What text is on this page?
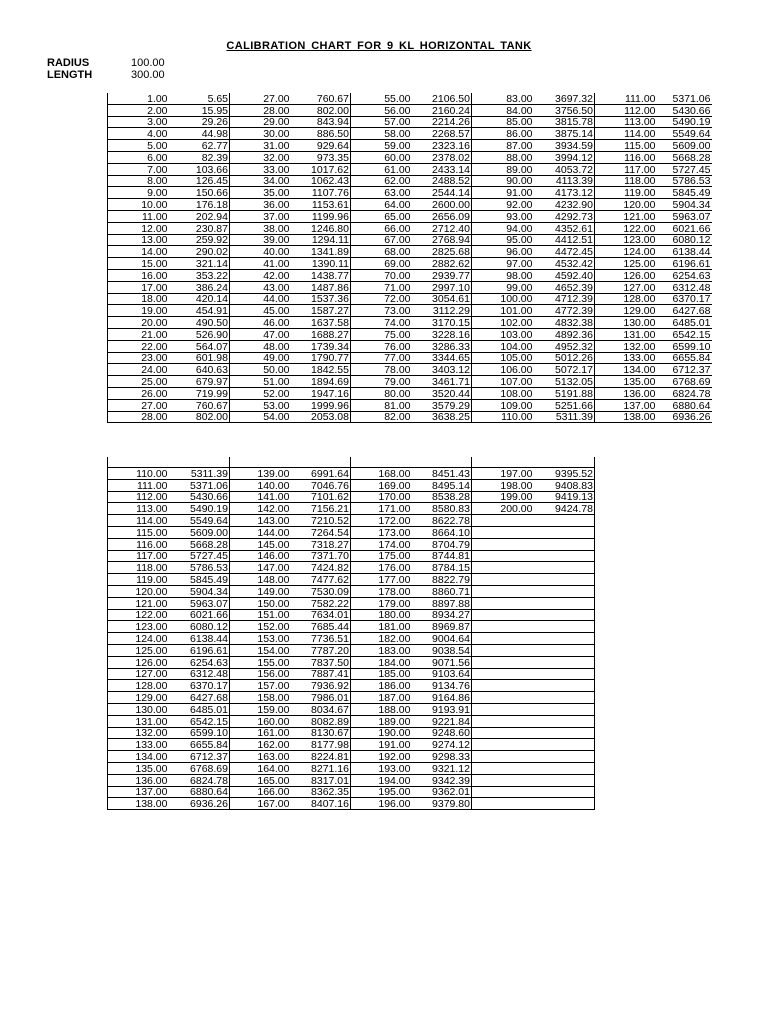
CALIBRATION CHART FOR 9 KL HORIZONTAL TANK
RADIUS	100.00
LENGTH	300.00
1.00	5.65	27.00	760.67	55.00	2106.50	83.00	3697.32	111.00	5371.06
2.00	15.95	28.00	802.00	56.00	2160.24	84.00	3756.50	112.00	5430.66
3.00	29.26	29.00	843.94	57.00	2214.26	85.00	3815.78	113.00	5490.19
4.00	44.98	30.00	886.50	58.00	2268.57	86.00	3875.14	114.00	5549.64
5.00	62.77	31.00	929.64	59.00	2323.16	87.00	3934.59	115.00	5609.00
6.00	82.39	32.00	973.35	60.00	2378.02	88.00	3994.12	116.00	5668.28
7.00	103.66	33.00	1017.62	61.00	2433.14	89.00	4053.72	117.00	5727.45
8.00	126.45	34.00	1062.43	62.00	2488.52	90.00	4113.39	118.00	5786.53
9.00	150.66	35.00	1107.76	63.00	2544.14	91.00	4173.12	119.00	5845.49
10.00	176.18	36.00	1153.61	64.00	2600.00	92.00	4232.90	120.00	5904.34
11.00	202.94	37.00	1199.96	65.00	2656.09	93.00	4292.73	121.00	5963.07
12.00	230.87	38.00	1246.80	66.00	2712.40	94.00	4352.61	122.00	6021.66
13.00	259.92	39.00	1294.11	67.00	2768.94	95.00	4412.51	123.00	6080.12
14.00	290.02	40.00	1341.89	68.00	2825.68	96.00	4472.45	124.00	6138.44
15.00	321.14	41.00	1390.11	69.00	2882.62	97.00	4532.42	125.00	6196.61
16.00	353.22	42.00	1438.77	70.00	2939.77	98.00	4592.40	126.00	6254.63
17.00	386.24	43.00	1487.86	71.00	2997.10	99.00	4652.39	127.00	6312.48
18.00	420.14	44.00	1537.36	72.00	3054.61	100.00	4712.39	128.00	6370.17
19.00	454.91	45.00	1587.27	73.00	3112.29	101.00	4772.39	129.00	6427.68
20.00	490.50	46.00	1637.58	74.00	3170.15	102.00	4832.38	130.00	6485.01
21.00	526.90	47.00	1688.27	75.00	3228.16	103.00	4892.36	131.00	6542.15
22.00	564.07	48.00	1739.34	76.00	3286.33	104.00	4952.32	132.00	6599.10
23.00	601.98	49.00	1790.77	77.00	3344.65	105.00	5012.26	133.00	6655.84
24.00	640.63	50.00	1842.55	78.00	3403.12	106.00	5072.17	134.00	6712.37
25.00	679.97	51.00	1894.69	79.00	3461.71	107.00	5132.05	135.00	6768.69
26.00	719.99	52.00	1947.16	80.00	3520.44	108.00	5191.88	136.00	6824.78
27.00	760.67	53.00	1999.96	81.00	3579.29	109.00	5251.66	137.00	6880.64
28.00	802.00	54.00	2053.08	82.00	3638.25	110.00	5311.39	138.00	6936.26

110.00	5311.39	139.00	6991.64	168.00	8451.43	197.00	9395.52
111.00	5371.06	140.00	7046.76	169.00	8495.14	198.00	9408.83
112.00	5430.66	141.00	7101.62	170.00	8538.28	199.00	9419.13
113.00	5490.19	142.00	7156.21	171.00	8580.83	200.00	9424.78
114.00	5549.64	143.00	7210.52	172.00	8622.78		
115.00	5609.00	144.00	7264.54	173.00	8664.10		
116.00	5668.28	145.00	7318.27	174.00	8704.79		
117.00	5727.45	146.00	7371.70	175.00	8744.81		
118.00	5786.53	147.00	7424.82	176.00	8784.15		
119.00	5845.49	148.00	7477.62	177.00	8822.79		
120.00	5904.34	149.00	7530.09	178.00	8860.71		
121.00	5963.07	150.00	7582.22	179.00	8897.88		
122.00	6021.66	151.00	7634.01	180.00	8934.27		
123.00	6080.12	152.00	7685.44	181.00	8969.87		
124.00	6138.44	153.00	7736.51	182.00	9004.64		
125.00	6196.61	154.00	7787.20	183.00	9038.54		
126.00	6254.63	155.00	7837.50	184.00	9071.56		
127.00	6312.48	156.00	7887.41	185.00	9103.64		
128.00	6370.17	157.00	7936.92	186.00	9134.76		
129.00	6427.68	158.00	7986.01	187.00	9164.86		
130.00	6485.01	159.00	8034.67	188.00	9193.91		
131.00	6542.15	160.00	8082.89	189.00	9221.84		
132.00	6599.10	161.00	8130.67	190.00	9248.60		
133.00	6655.84	162.00	8177.98	191.00	9274.12		
134.00	6712.37	163.00	8224.81	192.00	9298.33		
135.00	6768.69	164.00	8271.16	193.00	9321.12		
136.00	6824.78	165.00	8317.01	194.00	9342.39		
137.00	6880.64	166.00	8362.35	195.00	9362.01		
138.00	6936.26	167.00	8407.16	196.00	9379.80		
